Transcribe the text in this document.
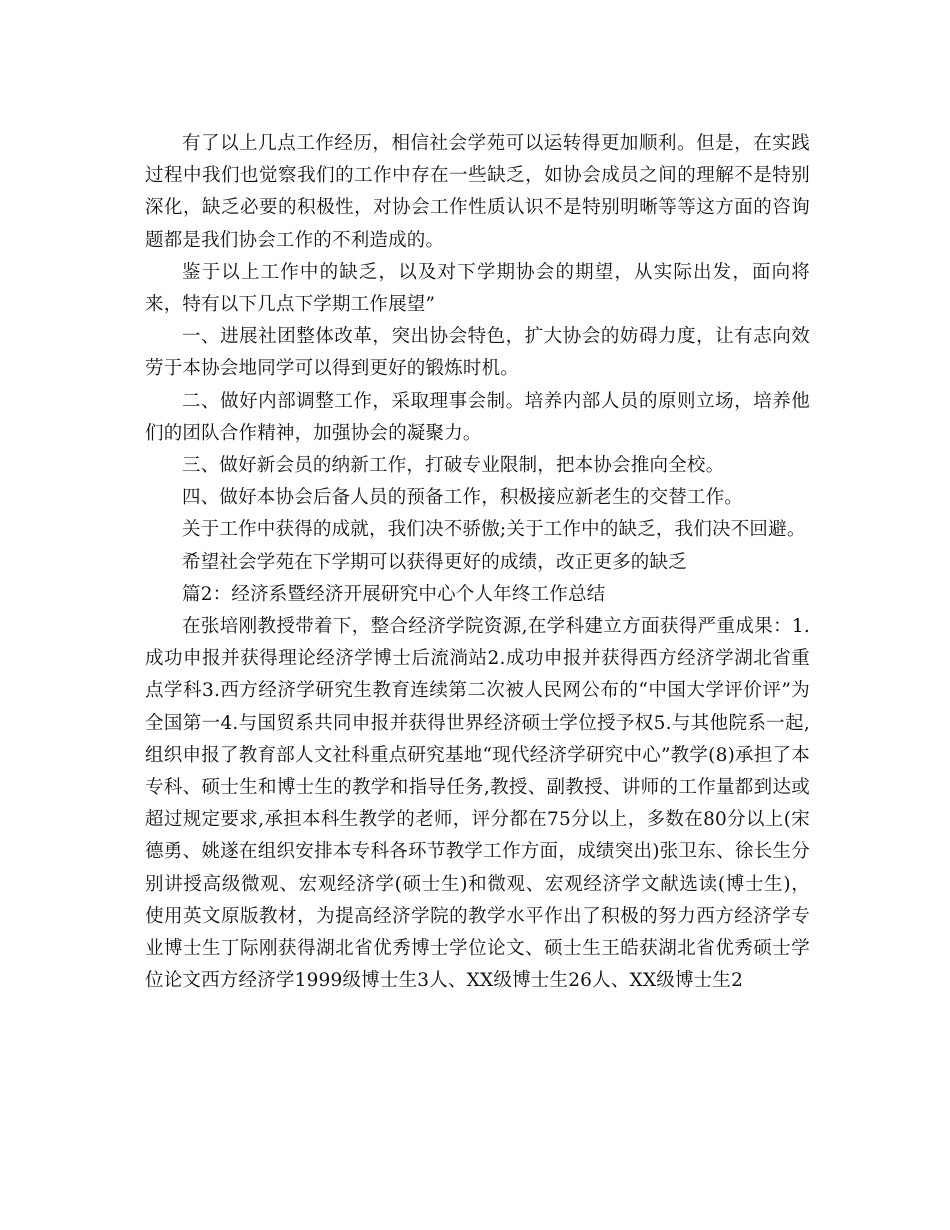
有了以上几点工作经历，相信社会学苑可以运转得更加顺利。但是，在实践过程中我们也觉察我们的工作中存在一些缺乏，如协会成员之间的理解不是特别深化，缺乏必要的积极性，对协会工作性质认识不是特别明晰等等这方面的咨询题都是我们协会工作的不利造成的。

鉴于以上工作中的缺乏，以及对下学期协会的期望，从实际出发，面向将来，特有以下几点下学期工作展望”

一、进展社团整体改革，突出协会特色，扩大协会的妨碍力度，让有志向效劳于本协会地同学可以得到更好的锻炼时机。

二、做好内部调整工作，采取理事会制。培养内部人员的原则立场，培养他们的团队合作精神，加强协会的凝聚力。

三、做好新会员的纳新工作，打破专业限制，把本协会推向全校。

四、做好本协会后备人员的预备工作，积极接应新老生的交替工作。

关于工作中获得的成就，我们决不骄傲;关于工作中的缺乏，我们决不回避。

希望社会学苑在下学期可以获得更好的成绩，改正更多的缺乏

篇2：经济系暨经济开展研究中心个人年终工作总结

在张培刚教授带着下，整合经济学院资源,在学科建立方面获得严重成果：1.成功申报并获得理论经济学博士后流淌站2.成功申报并获得西方经济学湖北省重点学科3.西方经济学研究生教育连续第二次被人民网公布的“中国大学评价评”为全国第一4.与国贸系共同申报并获得世界经济硕士学位授予权5.与其他院系一起,组织申报了教育部人文社科重点研究基地“现代经济学研究中心”教学(8)承担了本专科、硕士生和博士生的教学和指导任务,教授、副教授、讲师的工作量都到达或超过规定要求,承担本科生教学的老师，评分都在75分以上，多数在80分以上(宋德勇、姚遂在组织安排本专科各环节教学工作方面，成绩突出)张卫东、徐长生分别讲授高级微观、宏观经济学(硕士生)和微观、宏观经济学文献选读(博士生)，使用英文原版教材，为提高经济学院的教学水平作出了积极的努力西方经济学专业博士生丁际刚获得湖北省优秀博士学位论文、硕士生王皓获湖北省优秀硕士学位论文西方经济学1999级博士生3人、XX级博士生26人、XX级博士生2
